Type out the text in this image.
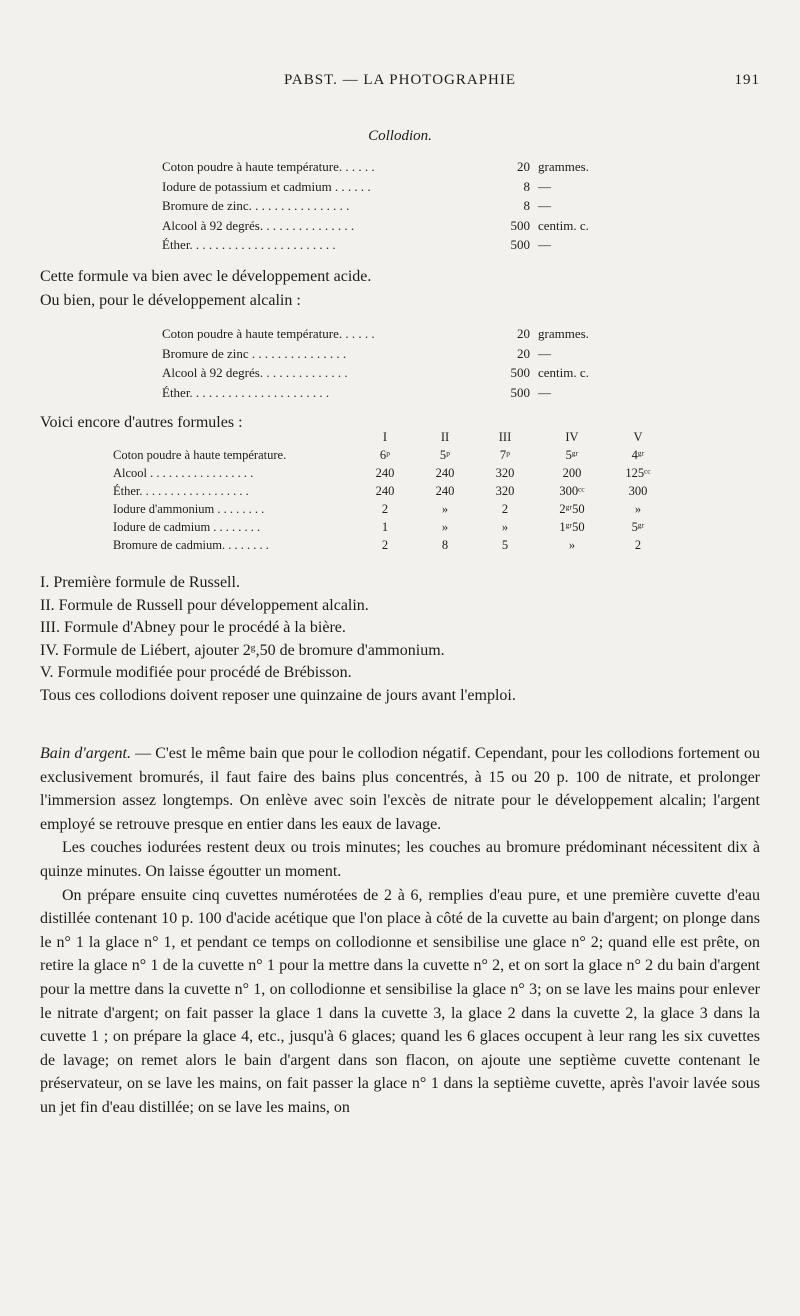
PABST. — LA PHOTOGRAPHIE	191
Collodion.
Coton poudre à haute température. . . . . .	20 grammes.
Iodure de potassium et cadmium . . . . . .	8 —
Bromure de zinc. . . . . . . . . . . . . . . .	8 —
Alcool à 92 degrés. . . . . . . . . . . . . . .	500 centim. c.
Éther. . . . . . . . . . . . . . . . . . . . . . .	500 —
Cette formule va bien avec le développement acide.
Ou bien, pour le développement alcalin :
Coton poudre à haute température. . . . . .	20 grammes.
Bromure de zinc . . . . . . . . . . . . . . .	20 —
Alcool à 92 degrés. . . . . . . . . . . . . .	500 centim. c.
Éther. . . . . . . . . . . . . . . . . . . . . .	500 —
Voici encore d'autres formules :
I	II	III	IV	V
Coton poudre à haute température.	6ᵖ	5ᵖ	7ᵖ	5ᵍʳ	4ᵍʳ
Alcool . . . . . . . . . . . . . . . . .	240	240	320	200	125ᶜᶜ
Éther. . . . . . . . . . . . . . . . . .	240	240	320	300ᶜᶜ	300
Iodure d'ammonium . . . . . . . .	2	»	2	2ᵍʳ50	»
Iodure de cadmium . . . . . . . .	1	»	»	1ᵍʳ50	5ᵍʳ
Bromure de cadmium. . . . . . . .	2	8	5	»	2
I. Première formule de Russell.
II. Formule de Russell pour développement alcalin.
III. Formule d'Abney pour le procédé à la bière.
IV. Formule de Liébert, ajouter 2ᵍ,50 de bromure d'ammonium.
V. Formule modifiée pour procédé de Brébisson.
Tous ces collodions doivent reposer une quinzaine de jours avant l'emploi.

Bain d'argent. — C'est le même bain que pour le collodion négatif. Cependant, pour les collodions fortement ou exclusivement bromurés, il faut faire des bains plus concentrés, à 15 ou 20 p. 100 de nitrate, et prolonger l'immersion assez longtemps. On enlève avec soin l'excès de nitrate pour le développement alcalin; l'argent employé se retrouve presque en entier dans les eaux de lavage.

Les couches iodurées restent deux ou trois minutes; les couches au bromure prédominant nécessitent dix à quinze minutes. On laisse égoutter un moment.

On prépare ensuite cinq cuvettes numérotées de 2 à 6, remplies d'eau pure, et une première cuvette d'eau distillée contenant 10 p. 100 d'acide acétique que l'on place à côté de la cuvette au bain d'argent; on plonge dans le n° 1 la glace n° 1, et pendant ce temps on collodionne et sensibilise une glace n° 2; quand elle est prête, on retire la glace n° 1 de la cuvette n° 1 pour la mettre dans la cuvette n° 2, et on sort la glace n° 2 du bain d'argent pour la mettre dans la cuvette n° 1, on collodionne et sensibilise la glace n° 3; on se lave les mains pour enlever le nitrate d'argent; on fait passer la glace 1 dans la cuvette 3, la glace 2 dans la cuvette 2, la glace 3 dans la cuvette 1 ; on prépare la glace 4, etc., jusqu'à 6 glaces; quand les 6 glaces occupent à leur rang les six cuvettes de lavage; on remet alors le bain d'argent dans son flacon, on ajoute une septième cuvette contenant le préservateur, on se lave les mains, on fait passer la glace n° 1 dans la septième cuvette, après l'avoir lavée sous un jet fin d'eau distillée; on se lave les mains, on
